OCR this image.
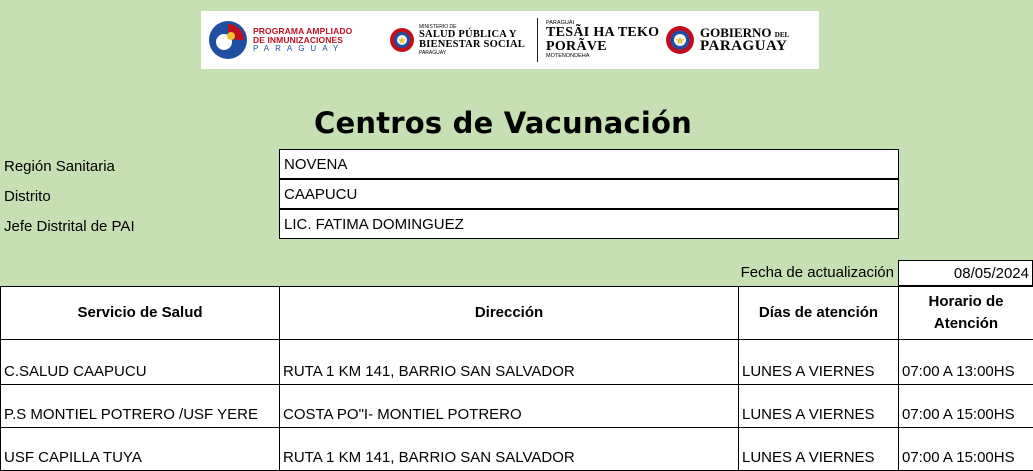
PROGRAMA AMPLIADO
DE INMUNIZACIONES
PARAGUAY
MINISTERIO DE
SALUD PÚBLICA Y
BIENESTAR SOCIAL
PARAGUAY
PARAGUÁI
TESÃI HA TEKO
PORÃVE
MOTENONDEHA
GOBIERNO DEL
PARAGUAY
Centros de Vacunación
Región Sanitaria	NOVENA
Distrito	CAAPUCU
Jefe Distrital de PAI	LIC. FATIMA DOMINGUEZ
Fecha de actualización	08/05/2024
Servicio de Salud	Dirección	Días de atención	Horario de Atención
C.SALUD CAAPUCU	RUTA 1 KM 141, BARRIO SAN SALVADOR	LUNES A VIERNES	07:00 A 13:00HS
P.S MONTIEL POTRERO /USF YERE	COSTA PO"I- MONTIEL POTRERO	LUNES A VIERNES	07:00 A 15:00HS
USF CAPILLA TUYA	RUTA 1 KM 141, BARRIO SAN SALVADOR	LUNES A VIERNES	07:00 A 15:00HS
